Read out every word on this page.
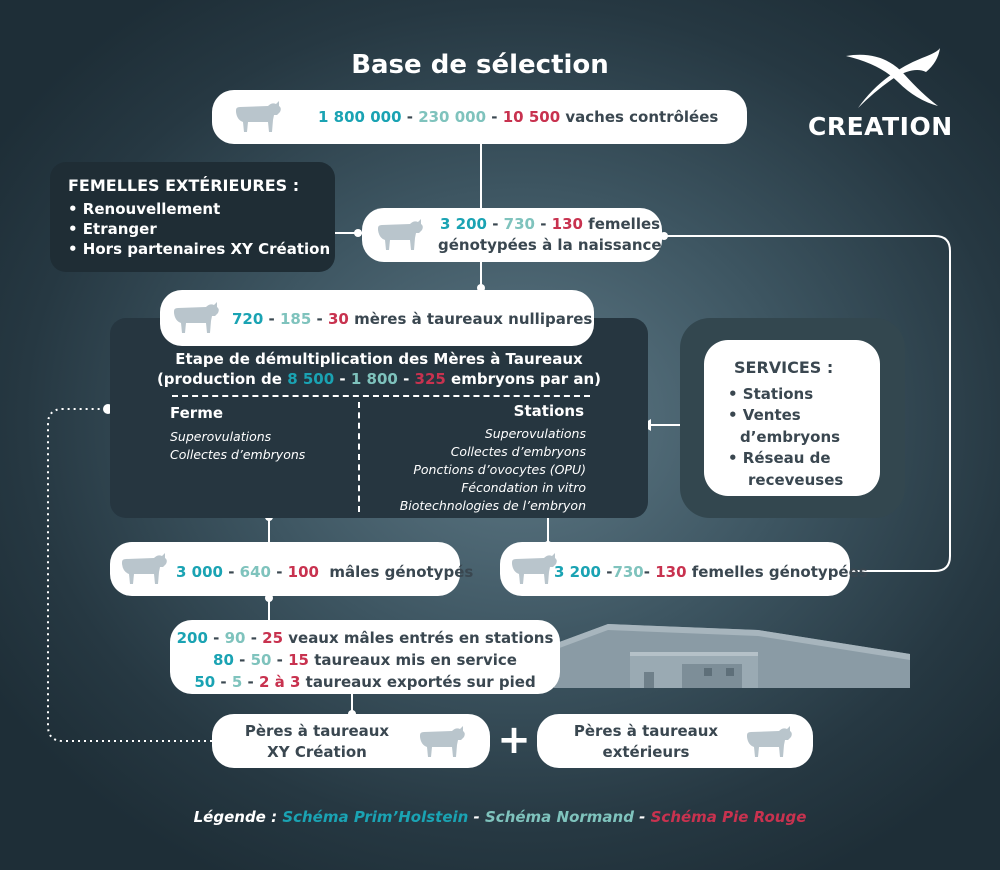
Base de sélection
CREATION
1 800 000 - 230 000 - 10 500 vaches contrôlées
FEMELLES EXTÉRIEURES :
• Renouvellement
• Etranger
• Hors partenaires XY Création
3 200 - 730 - 130 femelles
génotypées à la naissance
Etape de démultiplication des Mères à Taureaux
(production de 8 500 - 1 800 - 325 embryons par an)
Ferme
Superovulations
Collectes d’embryons
Stations
Superovulations
Collectes d’embryons
Ponctions d’ovocytes (OPU)
Fécondation in vitro
Biotechnologies de l’embryon
720 - 185 - 30 mères à taureaux nullipares
SERVICES :
• Stations
• Ventes
d’embryons
• Réseau de
receveuses
3 000 - 640 - 100  mâles génotypés	3 200 -730- 130 femelles génotypées
200 - 90 - 25 veaux mâles entrés en stations
80 - 50 - 15 taureaux mis en service
50 - 5 - 2 à 3 taureaux exportés sur pied
Pères à taureaux
XY Création	+	Pères à taureaux
extérieurs
Légende : Schéma Prim’Holstein - Schéma Normand - Schéma Pie Rouge
